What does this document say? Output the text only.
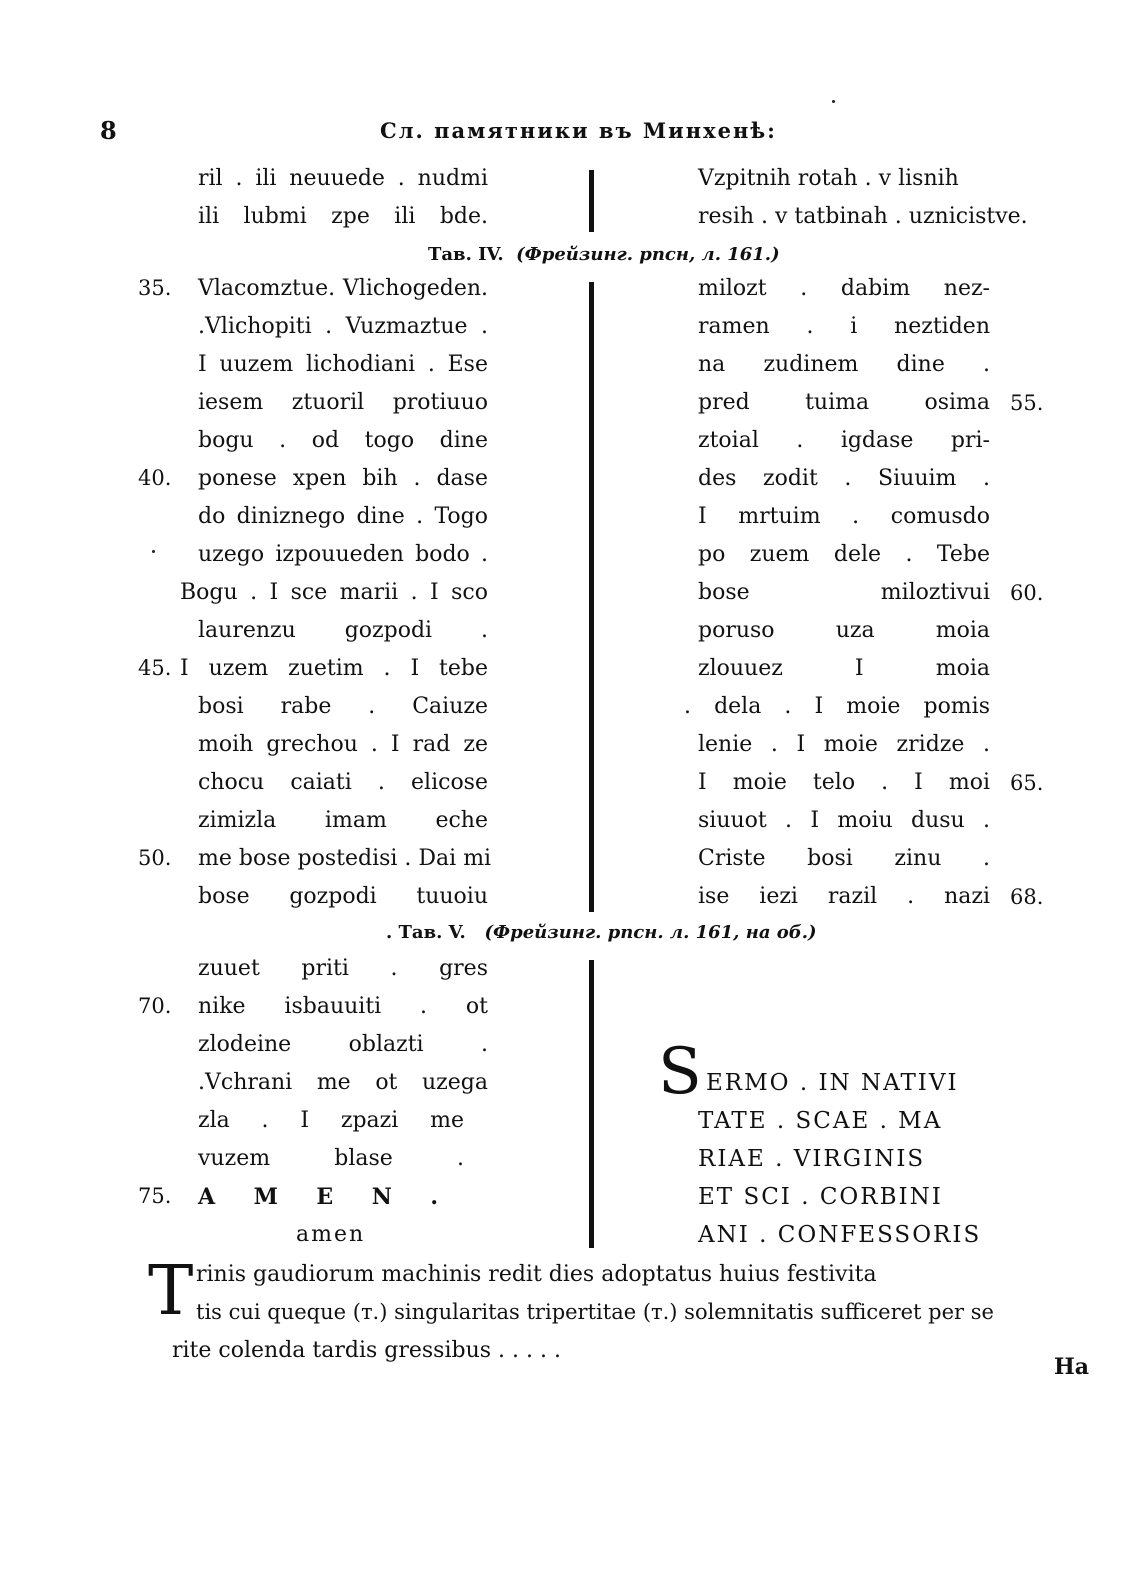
8	Сл. памятники въ Минхенѣ:
ril . ili neuuede . nudmi
ili lubmi zpe ili bde.
Vzpitnih rotah . v lisnih
resih . v tatbinah . uznicistve.
Тав. IV. (Фрейзинг. рпсн, л. 161.)
35.	Vlacomztue. Vlichogeden.
.Vlichopiti . Vuzmaztue .
I uuzem lichodiani . Ese
iesem ztuoril protiuuo
bogu . od togo dine
40.	ponese xpen bih . dase
do diniznego dine . Togo
uzego izpouueden bodo .
Bogu . I sce marii . I sco
laurenzu gozpodi .
45. I uzem zuetim . I tebe
bosi rabe . Caiuze
moih grechou . I rad ze
chocu caiati . elicose
zimizla imam eche
50.	me bose postedisi . Dai mi
bose gozpodi tuuoiu
milozt . dabim nez-
ramen . i neztiden
na zudinem dine .
pred tuima osima 55.
ztoial . igdase pri-
des zodit . Siuuim .
I mrtuim . comusdo
po zuem dele . Tebe
bose miloztivui 60.
poruso uza moia
zlouuez I moia
. dela . I moie pomis
lenie . I moie zridze .
I moie telo . I moi 65.
siuuot . I moiu dusu .
Criste bosi zinu .
ise iezi razil . nazi 68.
. Тав. V. (Фрейзинг. рпсн. л. 161, на об.)
zuuet priti . gres
70.	nike isbauuiti . ot
zlodeine oblazti .
.Vchrani me ot uzega
zla . I zpazi me
vuzem blase .
75.	A M E N .
amen
S ERMO . IN NATIVI
TATE . SCAE . MA
RIAE . VIRGINIS
ET SCI . CORBINI
ANI . CONFESSORIS
T rinis gaudiorum machinis redit dies adoptatus huius festivita
tis cui queque (т.) singularitas tripertitae (т.) solemnitatis sufficeret per se
rite colenda tardis gressibus . . . . .
На
